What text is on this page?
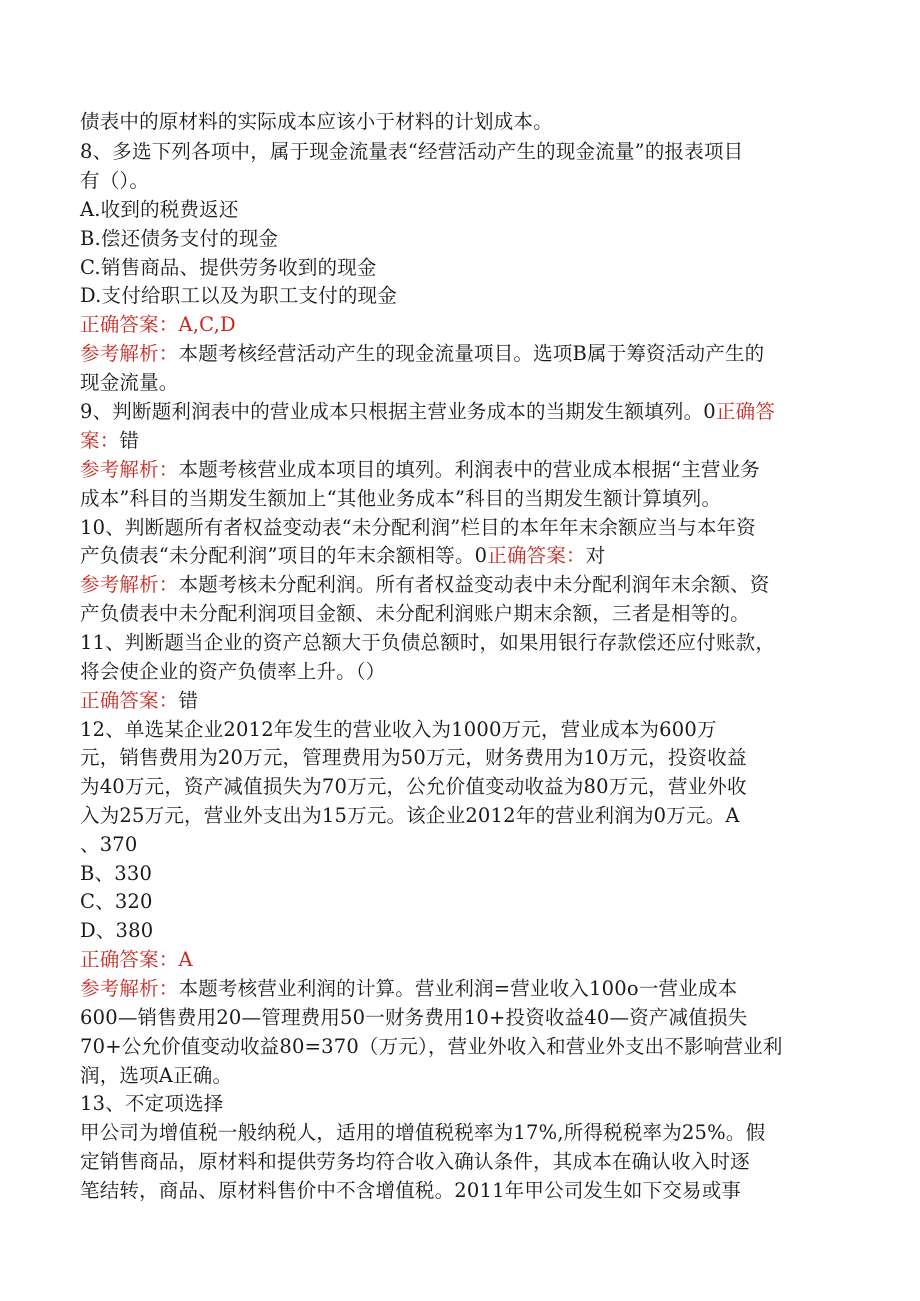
债表中的原材料的实际成本应该小于材料的计划成本。
8、多选下列各项中，属于现金流量表“经营活动产生的现金流量”的报表项目
有（）。
A.收到的税费返还
B.偿还债务支付的现金
C.销售商品、提供劳务收到的现金
D.支付给职工以及为职工支付的现金
正确答案：A,C,D
参考解析：本题考核经营活动产生的现金流量项目。选项B属于筹资活动产生的
现金流量。
9、判断题利润表中的营业成本只根据主营业务成本的当期发生额填列。0正确答
案：错
参考解析：本题考核营业成本项目的填列。利润表中的营业成本根据“主营业务
成本”科目的当期发生额加上“其他业务成本”科目的当期发生额计算填列。
10、判断题所有者权益变动表“未分配利润”栏目的本年年末余额应当与本年资
产负债表“未分配利润”项目的年末余额相等。0正确答案：对
参考解析：本题考核未分配利润。所有者权益变动表中未分配利润年末余额、资
产负债表中未分配利润项目金额、未分配利润账户期末余额，三者是相等的。
11、判断题当企业的资产总额大于负债总额时，如果用银行存款偿还应付账款，
将会使企业的资产负债率上升。（）
正确答案：错
12、单选某企业2012年发生的营业收入为1000万元，营业成本为600万
元，销售费用为20万元，管理费用为50万元，财务费用为10万元，投资收益
为40万元，资产减值损失为70万元，公允价值变动收益为80万元，营业外收
入为25万元，营业外支出为15万元。该企业2012年的营业利润为0万元。A
、370
B、330
C、320
D、380
正确答案：A
参考解析：本题考核营业利润的计算。营业利润=营业收入100o一营业成本
600—销售费用20—管理费用50一财务费用10+投资收益40—资产减值损失
70+公允价值变动收益80=370（万元），营业外收入和营业外支出不影响营业利
润，选项A正确。
13、不定项选择
甲公司为增值税一般纳税人，适用的增值税税率为17%,所得税税率为25%。假
定销售商品，原材料和提供劳务均符合收入确认条件，其成本在确认收入时逐
笔结转，商品、原材料售价中不含增值税。2011年甲公司发生如下交易或事
